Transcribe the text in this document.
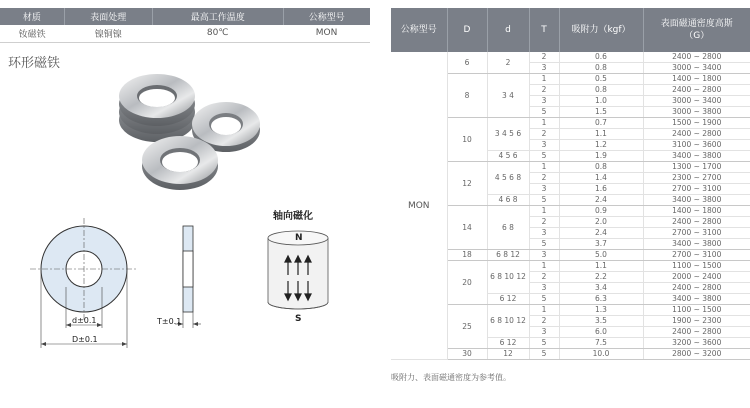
材质	表面处理	最高工作温度	公称型号
钕磁铁	镍铜镍	80℃	MON
环形磁铁
d±0.1
D±0.1
T±0.1
N
S
轴向磁化
公称型号	D	d	T	吸附力（kgf）	表面磁通密度高斯
（G）
MON	6	2	2	0.6	2400 ~ 2800
			3	0.8	3000 ~ 3400
	8	3 4	1	0.5	1400 ~ 1800
			2	0.8	2400 ~ 2800
			3	1.0	3000 ~ 3400
			5	1.5	3000 ~ 3800
	10	3 4 5 6	1	0.7	1500 ~ 1900
			2	1.1	2400 ~ 2800
			3	1.2	3100 ~ 3600
		4 5 6	5	1.9	3400 ~ 3800
	12	4 5 6 8	1	0.8	1300 ~ 1700
			2	1.4	2300 ~ 2700
			3	1.6	2700 ~ 3100
		4 6 8	5	2.4	3400 ~ 3800
	14	6 8	1	0.9	1400 ~ 1800
			2	2.0	2400 ~ 2800
			3	2.4	2700 ~ 3100
			5	3.7	3400 ~ 3800
	18	6 8 12	3	5.0	2700 ~ 3100
	20	6 8 10 12	1	1.1	1100 ~ 1500
			2	2.2	2000 ~ 2400
			3	3.4	2400 ~ 2800
		6 12	5	6.3	3400 ~ 3800
	25	6 8 10 12	1	1.3	1100 ~ 1500
			2	3.5	1900 ~ 2300
			3	6.0	2400 ~ 2800
		6 12	5	7.5	3200 ~ 3600
	30	12	5	10.0	2800 ~ 3200
吸附力、表面磁通密度为参考值。
